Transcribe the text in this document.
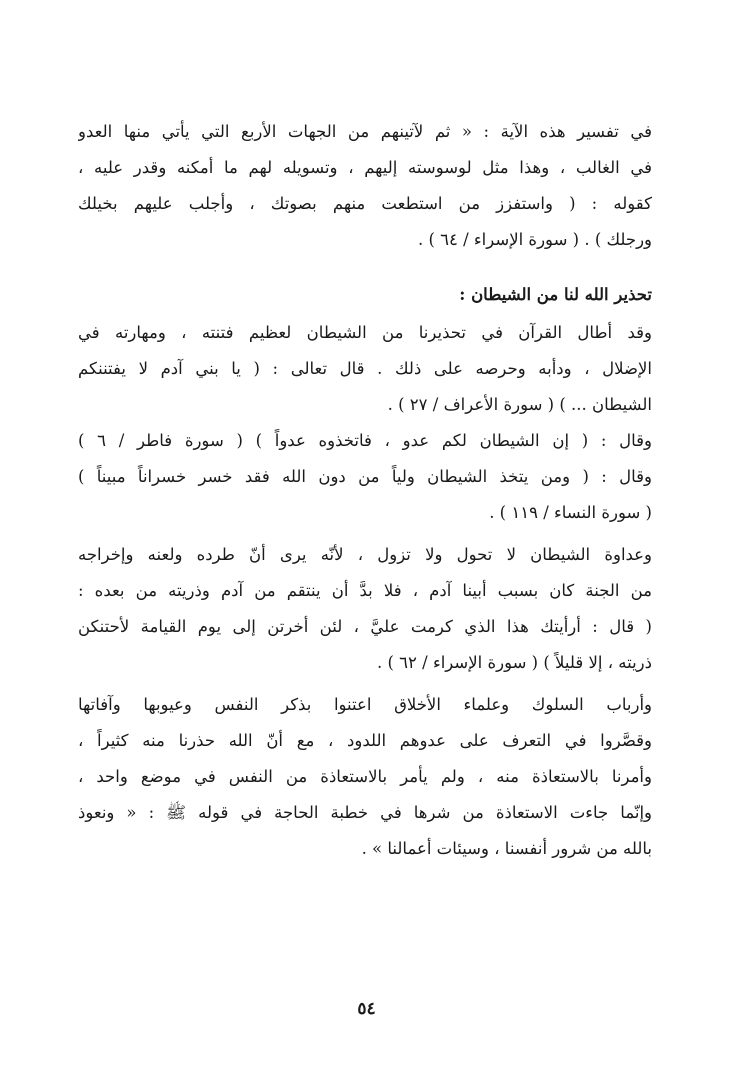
في تفسير هذه الآية : « ثم لآتينهم من الجهات الأربع التي يأتي منها العدو
في الغالب ، وهذا مثل لوسوسته إليهم ، وتسويله لهم ما أمكنه وقدر عليه ،
كقوله : ( واستفزز من استطعت منهم بصوتك ، وأجلب عليهم بخيلك
ورجلك ) . ( سورة الإسراء / ٦٤ ) .
تحذير الله لنا من الشيطان :
وقد أطال القرآن في تحذيرنا من الشيطان لعظيم فتنته ، ومهارته في
الإضلال ، ودأبه وحرصه على ذلك . قال تعالى : ( يا بني آدم لا يفتننكم
الشيطان ... ) ( سورة الأعراف / ٢٧ ) .
وقال : ( إن الشيطان لكم عدو ، فاتخذوه عدواً ) ( سورة فاطر / ٦ )
وقال : ( ومن يتخذ الشيطان ولياً من دون الله فقد خسر خسراناً مبيناً )
( سورة النساء / ١١٩ ) .
وعداوة الشيطان لا تحول ولا تزول ، لأنّه يرى أنّ طرده ولعنه وإخراجه
من الجنة كان بسبب أبينا آدم ، فلا بدَّ أن ينتقم من آدم وذريته من بعده :
( قال : أرأيتك هذا الذي كرمت عليَّ ، لئن أخرتن إلى يوم القيامة لأحتنكن
ذريته ، إلا قليلاً ) ( سورة الإسراء / ٦٢ ) .
وأرباب السلوك وعلماء الأخلاق اعتنوا بذكر النفس وعيوبها وآفاتها
وقصَّروا في التعرف على عدوهم اللدود ، مع أنّ الله حذرنا منه كثيراً ،
وأمرنا بالاستعاذة منه ، ولم يأمر بالاستعاذة من النفس في موضع واحد ،
وإنّما جاءت الاستعاذة من شرها في خطبة الحاجة في قوله ﷺ : « ونعوذ
بالله من شرور أنفسنا ، وسيئات أعمالنا » .
٥٤
